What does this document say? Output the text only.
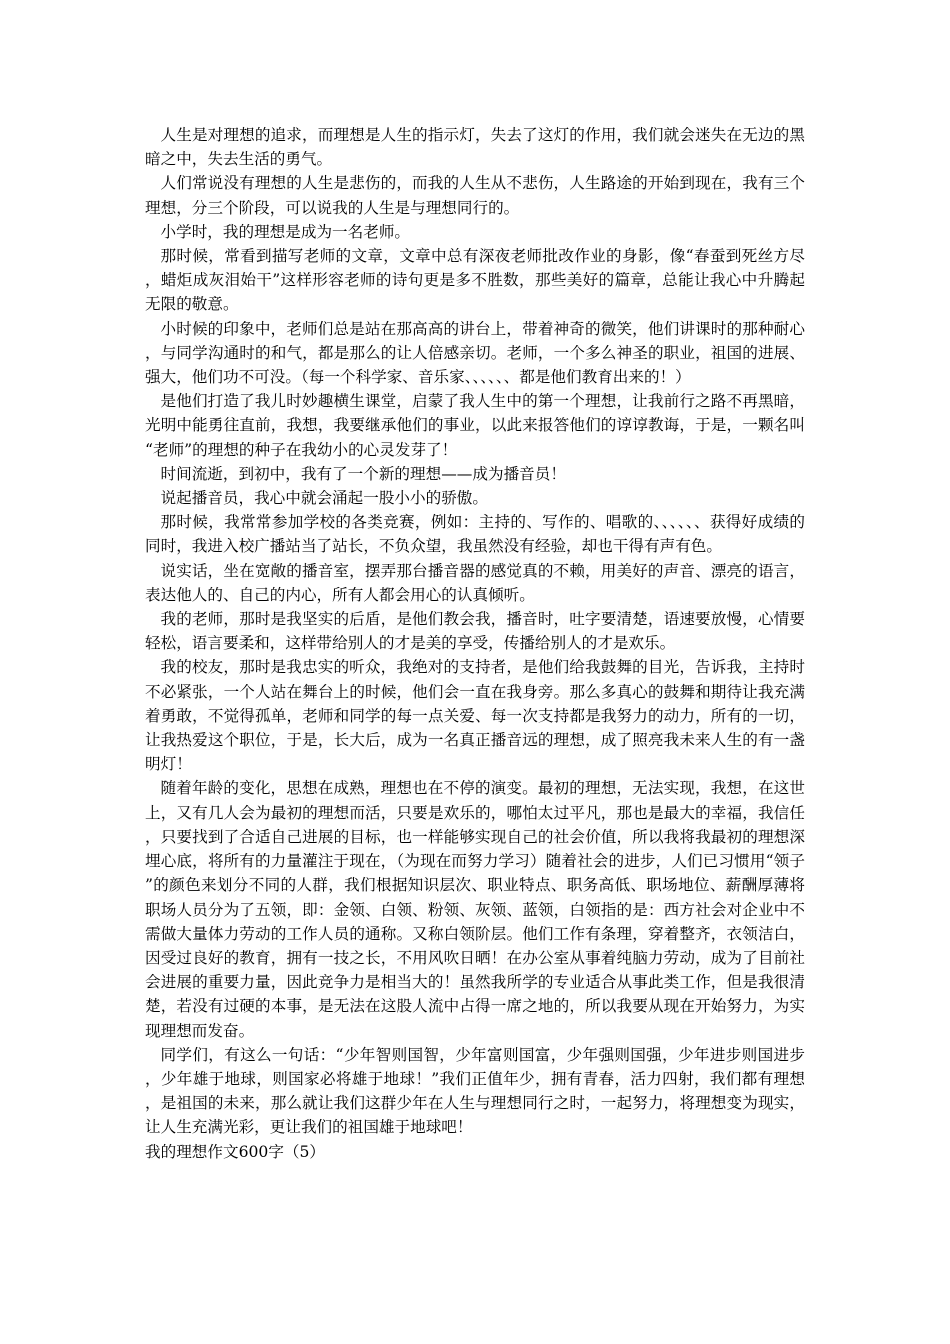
人生是对理想的追求，而理想是人生的指示灯，失去了这灯的作用，我们就会迷失在无边的黑暗之中，失去生活的勇气。

人们常说没有理想的人生是悲伤的，而我的人生从不悲伤，人生路途的开始到现在，我有三个理想，分三个阶段，可以说我的人生是与理想同行的。

小学时，我的理想是成为一名老师。

那时候，常看到描写老师的文章，文章中总有深夜老师批改作业的身影，像“春蚕到死丝方尽，蜡炬成灰泪始干”这样形容老师的诗句更是多不胜数，那些美好的篇章，总能让我心中升腾起无限的敬意。

小时候的印象中，老师们总是站在那高高的讲台上，带着神奇的微笑，他们讲课时的那种耐心，与同学沟通时的和气，都是那么的让人倍感亲切。老师，一个多么神圣的职业，祖国的进展、强大，他们功不可没。（每一个科学家、音乐家、、、、、、都是他们教育出来的！）

是他们打造了我儿时妙趣横生课堂，启蒙了我人生中的第一个理想，让我前行之路不再黑暗，光明中能勇往直前，我想，我要继承他们的事业，以此来报答他们的谆谆教诲，于是，一颗名叫“老师”的理想的种子在我幼小的心灵发芽了！

时间流逝，到初中，我有了一个新的理想——成为播音员！

说起播音员，我心中就会涌起一股小小的骄傲。

那时候，我常常参加学校的各类竞赛，例如：主持的、写作的、唱歌的、、、、、、获得好成绩的同时，我进入校广播站当了站长，不负众望，我虽然没有经验，却也干得有声有色。

说实话，坐在宽敞的播音室，摆弄那台播音器的感觉真的不赖，用美好的声音、漂亮的语言，表达他人的、自己的内心，所有人都会用心的认真倾听。

我的老师，那时是我坚实的后盾，是他们教会我，播音时，吐字要清楚，语速要放慢，心情要轻松，语言要柔和，这样带给别人的才是美的享受，传播给别人的才是欢乐。

我的校友，那时是我忠实的听众，我绝对的支持者，是他们给我鼓舞的目光，告诉我，主持时不必紧张，一个人站在舞台上的时候，他们会一直在我身旁。那么多真心的鼓舞和期待让我充满着勇敢，不觉得孤单，老师和同学的每一点关爱、每一次支持都是我努力的动力，所有的一切，让我热爱这个职位，于是，长大后，成为一名真正播音远的理想，成了照亮我未来人生的有一盏明灯！

随着年龄的变化，思想在成熟，理想也在不停的演变。最初的理想，无法实现，我想，在这世上，又有几人会为最初的理想而活，只要是欢乐的，哪怕太过平凡，那也是最大的幸福，我信任，只要找到了合适自己进展的目标，也一样能够实现自己的社会价值，所以我将我最初的理想深埋心底，将所有的力量灌注于现在，（为现在而努力学习）随着社会的进步，人们已习惯用“领子”的颜色来划分不同的人群，我们根据知识层次、职业特点、职务高低、职场地位、薪酬厚薄将职场人员分为了五领，即：金领、白领、粉领、灰领、蓝领，白领指的是：西方社会对企业中不需做大量体力劳动的工作人员的通称。又称白领阶层。他们工作有条理，穿着整齐，衣领洁白，因受过良好的教育，拥有一技之长，不用风吹日晒！在办公室从事着纯脑力劳动，成为了目前社会进展的重要力量，因此竞争力是相当大的！虽然我所学的专业适合从事此类工作，但是我很清楚，若没有过硬的本事，是无法在这股人流中占得一席之地的，所以我要从现在开始努力，为实现理想而发奋。

同学们，有这么一句话：“少年智则国智，少年富则国富，少年强则国强，少年进步则国进步，少年雄于地球，则国家必将雄于地球！”我们正值年少，拥有青春，活力四射，我们都有理想，是祖国的未来，那么就让我们这群少年在人生与理想同行之时，一起努力，将理想变为现实，让人生充满光彩，更让我们的祖国雄于地球吧！

我的理想作文600字（5）
